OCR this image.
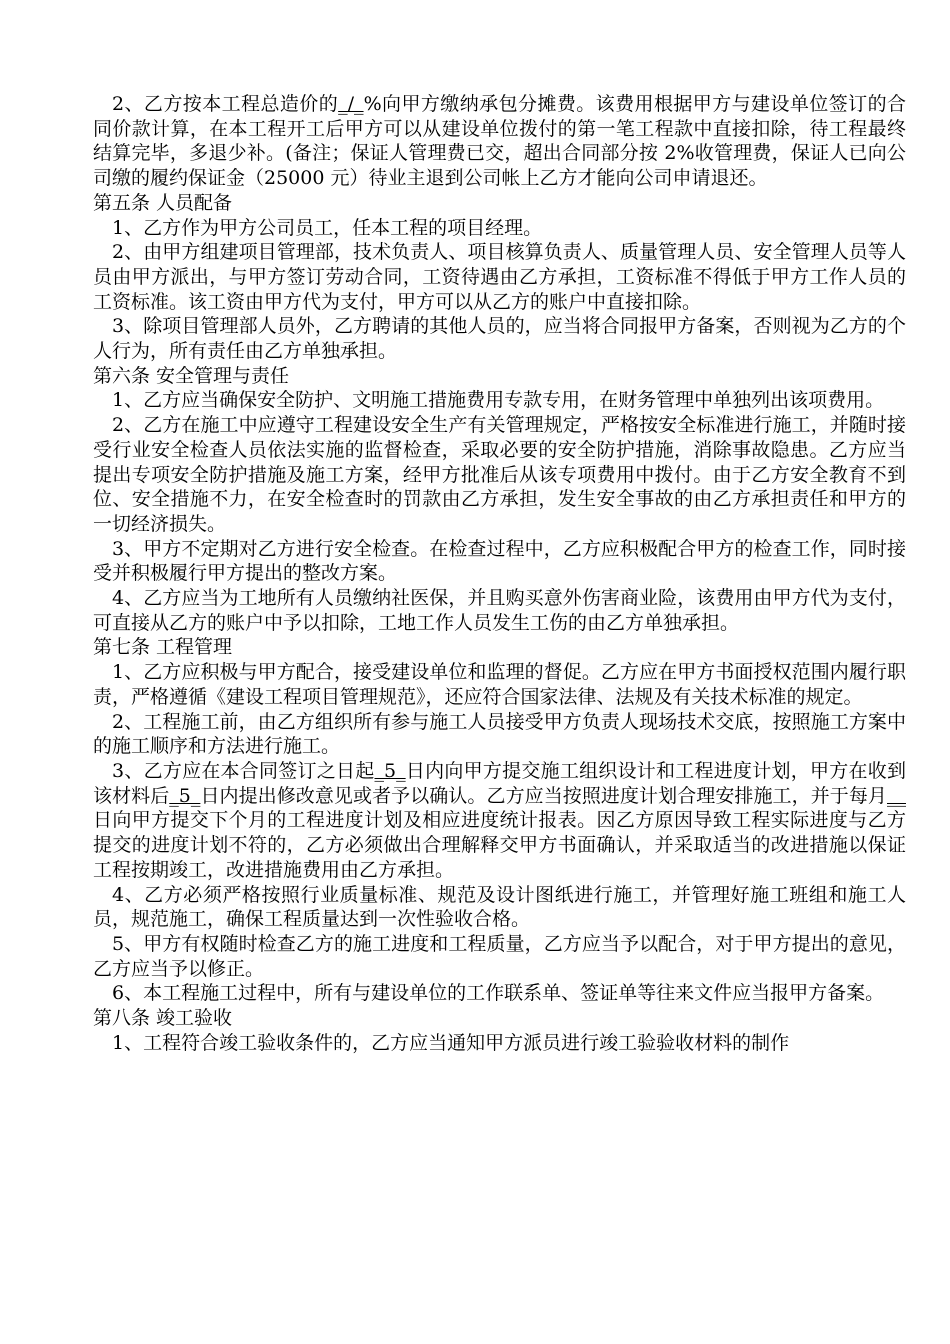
2、乙方按本工程总造价的_/_%向甲方缴纳承包分摊费。该费用根据甲方与建设单位签订的合同价款计算，在本工程开工后甲方可以从建设单位拨付的第一笔工程款中直接扣除，待工程最终结算完毕，多退少补。(备注；保证人管理费已交，超出合同部分按 2%收管理费，保证人已向公司缴的履约保证金（25000 元）待业主退到公司帐上乙方才能向公司申请退还。

第五条 人员配备

1、乙方作为甲方公司员工，任本工程的项目经理。

2、由甲方组建项目管理部，技术负责人、项目核算负责人、质量管理人员、安全管理人员等人员由甲方派出，与甲方签订劳动合同，工资待遇由乙方承担，工资标准不得低于甲方工作人员的工资标准。该工资由甲方代为支付，甲方可以从乙方的账户中直接扣除。

3、除项目管理部人员外，乙方聘请的其他人员的，应当将合同报甲方备案，否则视为乙方的个人行为，所有责任由乙方单独承担。

第六条 安全管理与责任

1、乙方应当确保安全防护、文明施工措施费用专款专用，在财务管理中单独列出该项费用。

2、乙方在施工中应遵守工程建设安全生产有关管理规定，严格按安全标准进行施工，并随时接受行业安全检查人员依法实施的监督检查，采取必要的安全防护措施，消除事故隐患。乙方应当提出专项安全防护措施及施工方案，经甲方批准后从该专项费用中拨付。由于乙方安全教育不到位、安全措施不力，在安全检查时的罚款由乙方承担，发生安全事故的由乙方承担责任和甲方的一切经济损失。

3、甲方不定期对乙方进行安全检查。在检查过程中，乙方应积极配合甲方的检查工作，同时接受并积极履行甲方提出的整改方案。

4、乙方应当为工地所有人员缴纳社医保，并且购买意外伤害商业险，该费用由甲方代为支付，可直接从乙方的账户中予以扣除，工地工作人员发生工伤的由乙方单独承担。

第七条 工程管理

1、乙方应积极与甲方配合，接受建设单位和监理的督促。乙方应在甲方书面授权范围内履行职责，严格遵循《建设工程项目管理规范》，还应符合国家法律、法规及有关技术标准的规定。

2、工程施工前，由乙方组织所有参与施工人员接受甲方负责人现场技术交底，按照施工方案中的施工顺序和方法进行施工。

3、乙方应在本合同签订之日起_5_日内向甲方提交施工组织设计和工程进度计划，甲方在收到该材料后_5_日内提出修改意见或者予以确认。乙方应当按照进度计划合理安排施工，并于每月__日向甲方提交下个月的工程进度计划及相应进度统计报表。因乙方原因导致工程实际进度与乙方提交的进度计划不符的，乙方必须做出合理解释交甲方书面确认，并采取适当的改进措施以保证工程按期竣工，改进措施费用由乙方承担。

4、乙方必须严格按照行业质量标准、规范及设计图纸进行施工，并管理好施工班组和施工人员，规范施工，确保工程质量达到一次性验收合格。

5、甲方有权随时检查乙方的施工进度和工程质量，乙方应当予以配合，对于甲方提出的意见，乙方应当予以修正。

6、本工程施工过程中，所有与建设单位的工作联系单、签证单等往来文件应当报甲方备案。

第八条 竣工验收

1、工程符合竣工验收条件的，乙方应当通知甲方派员进行竣工验验收材料的制作
